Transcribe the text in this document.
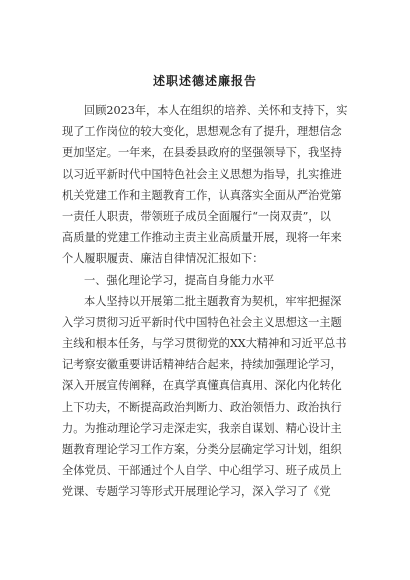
述职述德述廉报告
回顾2023年，本人在组织的培养、关怀和支持下，实
现了工作岗位的较大变化，思想观念有了提升，理想信念
更加坚定。一年来，在县委县政府的坚强领导下，我坚持
以习近平新时代中国特色社会主义思想为指导，扎实推进
机关党建工作和主题教育工作，认真落实全面从严治党第
一责任人职责，带领班子成员全面履行“一岗双责”，以
高质量的党建工作推动主责主业高质量开展，现将一年来
个人履职履责、廉洁自律情况汇报如下：
一、强化理论学习，提高自身能力水平
本人坚持以开展第二批主题教育为契机，牢牢把握深
入学习贯彻习近平新时代中国特色社会主义思想这一主题
主线和根本任务，与学习贯彻党的XX大精神和习近平总书
记考察安徽重要讲话精神结合起来，持续加强理论学习，
深入开展宣传阐释，在真学真懂真信真用、深化内化转化
上下功夫，不断提高政治判断力、政治领悟力、政治执行
力。为推动理论学习走深走实，我亲自谋划、精心设计主
题教育理论学习工作方案，分类分层确定学习计划，组织
全体党员、干部通过个人自学、中心组学习、班子成员上
党课、专题学习等形式开展理论学习，深入学习了《党
